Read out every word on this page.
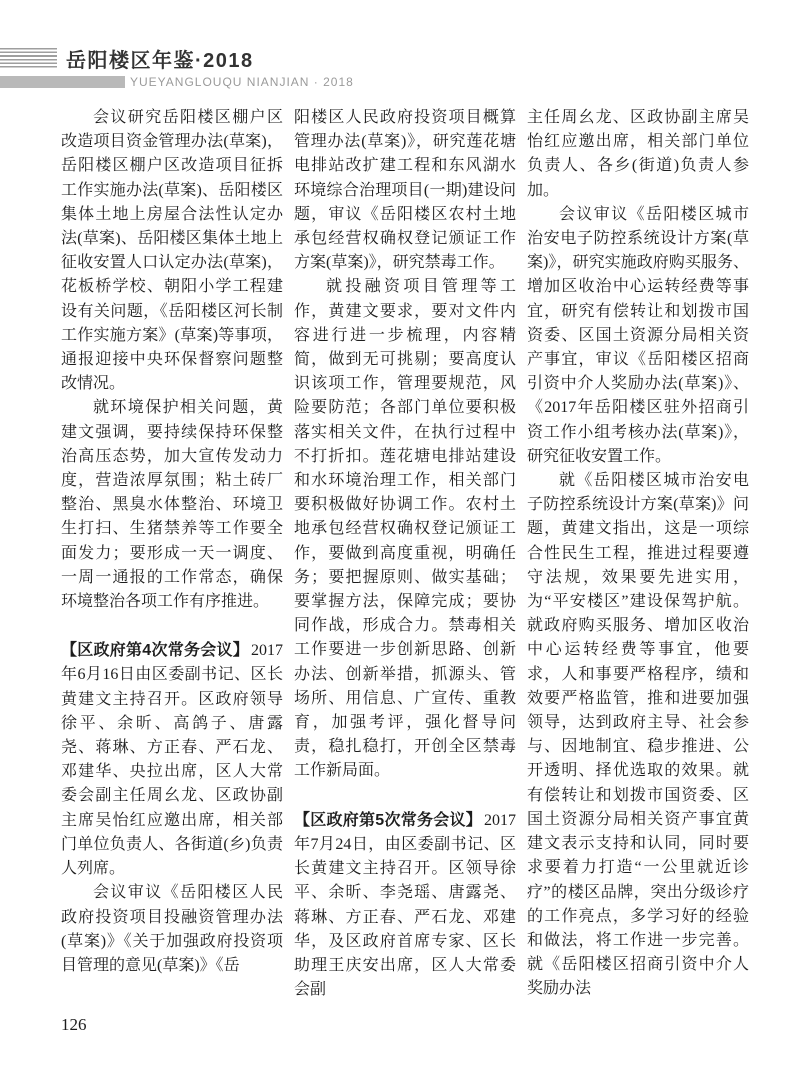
岳阳楼区年鉴·2018
YUEYANGLOUQU NIANJIAN · 2018

会议研究岳阳楼区棚户区改造项目资金管理办法(草案)，岳阳楼区棚户区改造项目征拆工作实施办法(草案)、岳阳楼区集体土地上房屋合法性认定办法(草案)、岳阳楼区集体土地上征收安置人口认定办法(草案)，花板桥学校、朝阳小学工程建设有关问题，《岳阳楼区河长制工作实施方案》(草案)等事项，通报迎接中央环保督察问题整改情况。

就环境保护相关问题，黄建文强调，要持续保持环保整治高压态势，加大宣传发动力度，营造浓厚氛围；粘土砖厂整治、黑臭水体整治、环境卫生打扫、生猪禁养等工作要全面发力；要形成一天一调度、一周一通报的工作常态，确保环境整治各项工作有序推进。

【区政府第4次常务会议】 2017年6月16日由区委副书记、区长黄建文主持召开。区政府领导徐平、余昕、高鸽子、唐露尧、蒋琳、方正春、严石龙、邓建华、央拉出席，区人大常委会副主任周幺龙、区政协副主席吴怡红应邀出席，相关部门单位负责人、各街道(乡)负责人列席。

会议审议《岳阳楼区人民政府投资项目投融资管理办法(草案)》《关于加强政府投资项目管理的意见(草案)》《岳

阳楼区人民政府投资项目概算管理办法(草案)》，研究莲花塘电排站改扩建工程和东风湖水环境综合治理项目(一期)建设问题，审议《岳阳楼区农村土地承包经营权确权登记颁证工作方案(草案)》，研究禁毒工作。

就投融资项目管理等工作，黄建文要求，要对文件内容进行进一步梳理，内容精简，做到无可挑剔；要高度认识该项工作，管理要规范，风险要防范；各部门单位要积极落实相关文件，在执行过程中不打折扣。莲花塘电排站建设和水环境治理工作，相关部门要积极做好协调工作。农村土地承包经营权确权登记颁证工作，要做到高度重视，明确任务；要把握原则、做实基础；要掌握方法，保障完成；要协同作战，形成合力。禁毒相关工作要进一步创新思路、创新办法、创新举措，抓源头、管场所、用信息、广宣传、重教育，加强考评，强化督导问责，稳扎稳打，开创全区禁毒工作新局面。

【区政府第5次常务会议】 2017年7月24日，由区委副书记、区长黄建文主持召开。区领导徐平、余昕、李尧瑶、唐露尧、蒋琳、方正春、严石龙、邓建华，及区政府首席专家、区长助理王庆安出席，区人大常委会副

主任周幺龙、区政协副主席吴怡红应邀出席，相关部门单位负责人、各乡(街道)负责人参加。

会议审议《岳阳楼区城市治安电子防控系统设计方案(草案)》，研究实施政府购买服务、增加区收治中心运转经费等事宜，研究有偿转让和划拨市国资委、区国土资源分局相关资产事宜，审议《岳阳楼区招商引资中介人奖励办法(草案)》、《2017年岳阳楼区驻外招商引资工作小组考核办法(草案)》，研究征收安置工作。

就《岳阳楼区城市治安电子防控系统设计方案(草案)》问题，黄建文指出，这是一项综合性民生工程，推进过程要遵守法规，效果要先进实用，为“平安楼区”建设保驾护航。就政府购买服务、增加区收治中心运转经费等事宜，他要求，人和事要严格程序，绩和效要严格监管，推和进要加强领导，达到政府主导、社会参与、因地制宜、稳步推进、公开透明、择优选取的效果。就有偿转让和划拨市国资委、区国土资源分局相关资产事宜黄建文表示支持和认同，同时要求要着力打造“一公里就近诊疗”的楼区品牌，突出分级诊疗的工作亮点，多学习好的经验和做法，将工作进一步完善。就《岳阳楼区招商引资中介人奖励办法

126
